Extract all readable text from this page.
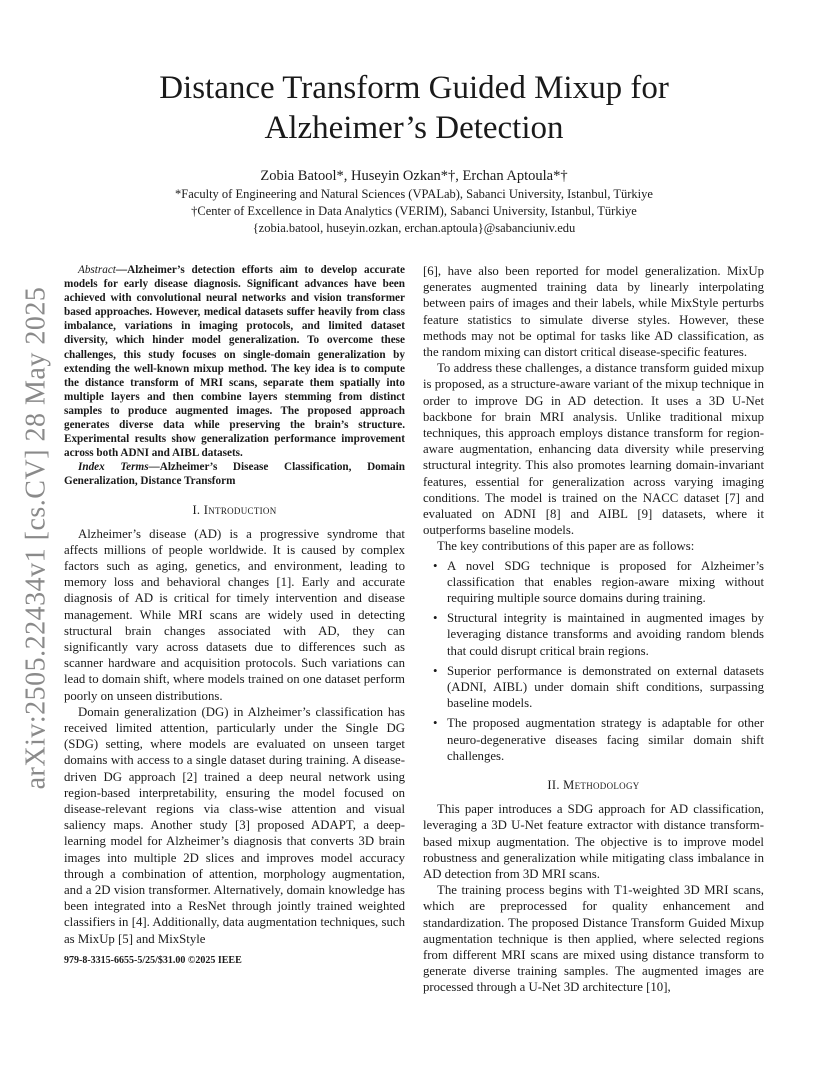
arXiv:2505.22434v1 [cs.CV] 28 May 2025
Distance Transform Guided Mixup for
Alzheimer’s Detection
Zobia Batool*, Huseyin Ozkan*†, Erchan Aptoula*†
*Faculty of Engineering and Natural Sciences (VPALab), Sabanci University, Istanbul, Türkiye
†Center of Excellence in Data Analytics (VERIM), Sabanci University, Istanbul, Türkiye
{zobia.batool, huseyin.ozkan, erchan.aptoula}@sabanciuniv.edu

Abstract—Alzheimer’s detection efforts aim to develop accurate models for early disease diagnosis. Significant advances have been achieved with convolutional neural networks and vision transformer based approaches. However, medical datasets suffer heavily from class imbalance, variations in imaging protocols, and limited dataset diversity, which hinder model generalization. To overcome these challenges, this study focuses on single-domain generalization by extending the well-known mixup method. The key idea is to compute the distance transform of MRI scans, separate them spatially into multiple layers and then combine layers stemming from distinct samples to produce augmented images. The proposed approach generates diverse data while preserving the brain’s structure. Experimental results show generalization performance improvement across both ADNI and AIBL datasets.

Index Terms—Alzheimer’s Disease Classification, Domain Generalization, Distance Transform

I. Introduction

Alzheimer’s disease (AD) is a progressive syndrome that affects millions of people worldwide. It is caused by complex factors such as aging, genetics, and environment, leading to memory loss and behavioral changes [1]. Early and accurate diagnosis of AD is critical for timely intervention and disease management. While MRI scans are widely used in detecting structural brain changes associated with AD, they can significantly vary across datasets due to differences such as scanner hardware and acquisition protocols. Such variations can lead to domain shift, where models trained on one dataset perform poorly on unseen distributions.

Domain generalization (DG) in Alzheimer’s classification has received limited attention, particularly under the Single DG (SDG) setting, where models are evaluated on unseen target domains with access to a single dataset during training. A disease-driven DG approach [2] trained a deep neural network using region-based interpretability, ensuring the model focused on disease-relevant regions via class-wise attention and visual saliency maps. Another study [3] proposed ADAPT, a deep-learning model for Alzheimer’s diagnosis that converts 3D brain images into multiple 2D slices and improves model accuracy through a combination of attention, morphology augmentation, and a 2D vision transformer. Alternatively, domain knowledge has been integrated into a ResNet through jointly trained weighted classifiers in [4]. Additionally, data augmentation techniques, such as MixUp [5] and MixStyle

979-8-3315-6655-5/25/$31.00 ©2025 IEEE

[6], have also been reported for model generalization. MixUp generates augmented training data by linearly interpolating between pairs of images and their labels, while MixStyle perturbs feature statistics to simulate diverse styles. However, these methods may not be optimal for tasks like AD classification, as the random mixing can distort critical disease-specific features.

To address these challenges, a distance transform guided mixup is proposed, as a structure-aware variant of the mixup technique in order to improve DG in AD detection. It uses a 3D U-Net backbone for brain MRI analysis. Unlike traditional mixup techniques, this approach employs distance transform for region-aware augmentation, enhancing data diversity while preserving structural integrity. This also promotes learning domain-invariant features, essential for generalization across varying imaging conditions. The model is trained on the NACC dataset [7] and evaluated on ADNI [8] and AIBL [9] datasets, where it outperforms baseline models.

The key contributions of this paper are as follows:

• A novel SDG technique is proposed for Alzheimer’s classification that enables region-aware mixing without requiring multiple source domains during training.
• Structural integrity is maintained in augmented images by leveraging distance transforms and avoiding random blends that could disrupt critical brain regions.
• Superior performance is demonstrated on external datasets (ADNI, AIBL) under domain shift conditions, surpassing baseline models.
• The proposed augmentation strategy is adaptable for other neuro-degenerative diseases facing similar domain shift challenges.
II. Methodology

This paper introduces a SDG approach for AD classification, leveraging a 3D U-Net feature extractor with distance transform-based mixup augmentation. The objective is to improve model robustness and generalization while mitigating class imbalance in AD detection from 3D MRI scans.

The training process begins with T1-weighted 3D MRI scans, which are preprocessed for quality enhancement and standardization. The proposed Distance Transform Guided Mixup augmentation technique is then applied, where selected regions from different MRI scans are mixed using distance transform to generate diverse training samples. The augmented images are processed through a U-Net 3D architecture [10],
